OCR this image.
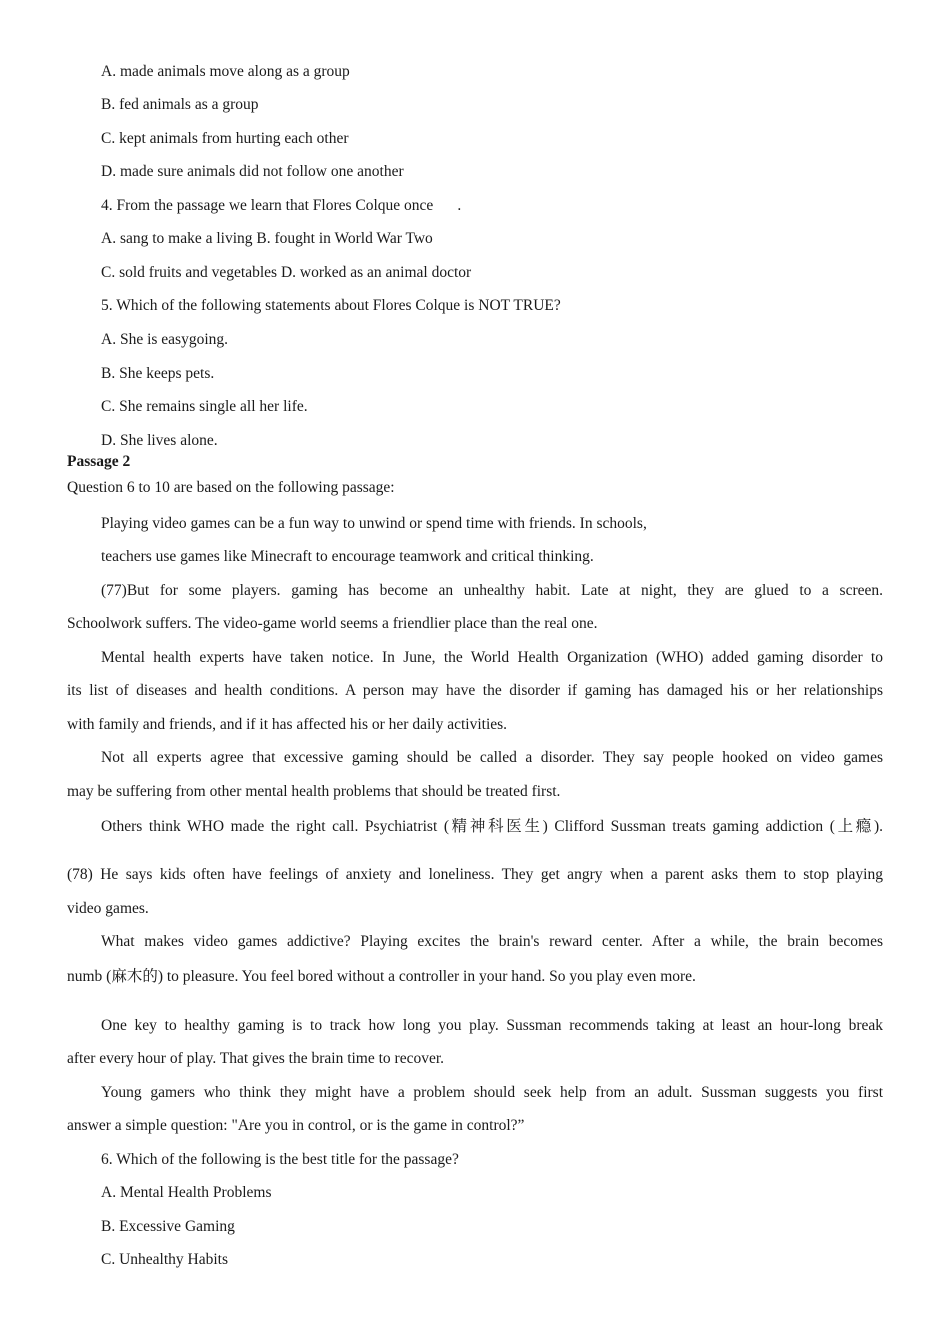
A. made animals move along as a group
B. fed animals as a group
C. kept animals from hurting each other
D. made sure animals did not follow one another
4. From the passage we learn that Flores Colque once .
A. sang to make a living B. fought in World War Two
C. sold fruits and vegetables D. worked as an animal doctor
5. Which of the following statements about Flores Colque is NOT TRUE?
A. She is easygoing.
B. She keeps pets.
C. She remains single all her life.
D. She lives alone.
Passage 2
Question 6 to 10 are based on the following passage:
Playing video games can be a fun way to unwind or spend time with friends. In schools,
teachers use games like Minecraft to encourage teamwork and critical thinking.
(77)But for some players. gaming has become an unhealthy habit. Late at night, they are glued to a screen.
Schoolwork suffers. The video-game world seems a friendlier place than the real one.
Mental health experts have taken notice. In June, the World Health Organization (WHO) added gaming disorder to
its list of diseases and health conditions. A person may have the disorder if gaming has damaged his or her relationships
with family and friends, and if it has affected his or her daily activities.
Not all experts agree that excessive gaming should be called a disorder. They say people hooked on video games
may be suffering from other mental health problems that should be treated first.
Others think WHO made the right call. Psychiatrist (精神科医生) Clifford Sussman treats gaming addiction (上瘾).
(78) He says kids often have feelings of anxiety and loneliness. They get angry when a parent asks them to stop playing
video games.
What makes video games addictive? Playing excites the brain's reward center. After a while, the brain becomes
numb (麻木的) to pleasure. You feel bored without a controller in your hand. So you play even more.
One key to healthy gaming is to track how long you play. Sussman recommends taking at least an hour-long break
after every hour of play. That gives the brain time to recover.
Young gamers who think they might have a problem should seek help from an adult. Sussman suggests you first
answer a simple question: "Are you in control, or is the game in control?”
6. Which of the following is the best title for the passage?
A. Mental Health Problems
B. Excessive Gaming
C. Unhealthy Habits
